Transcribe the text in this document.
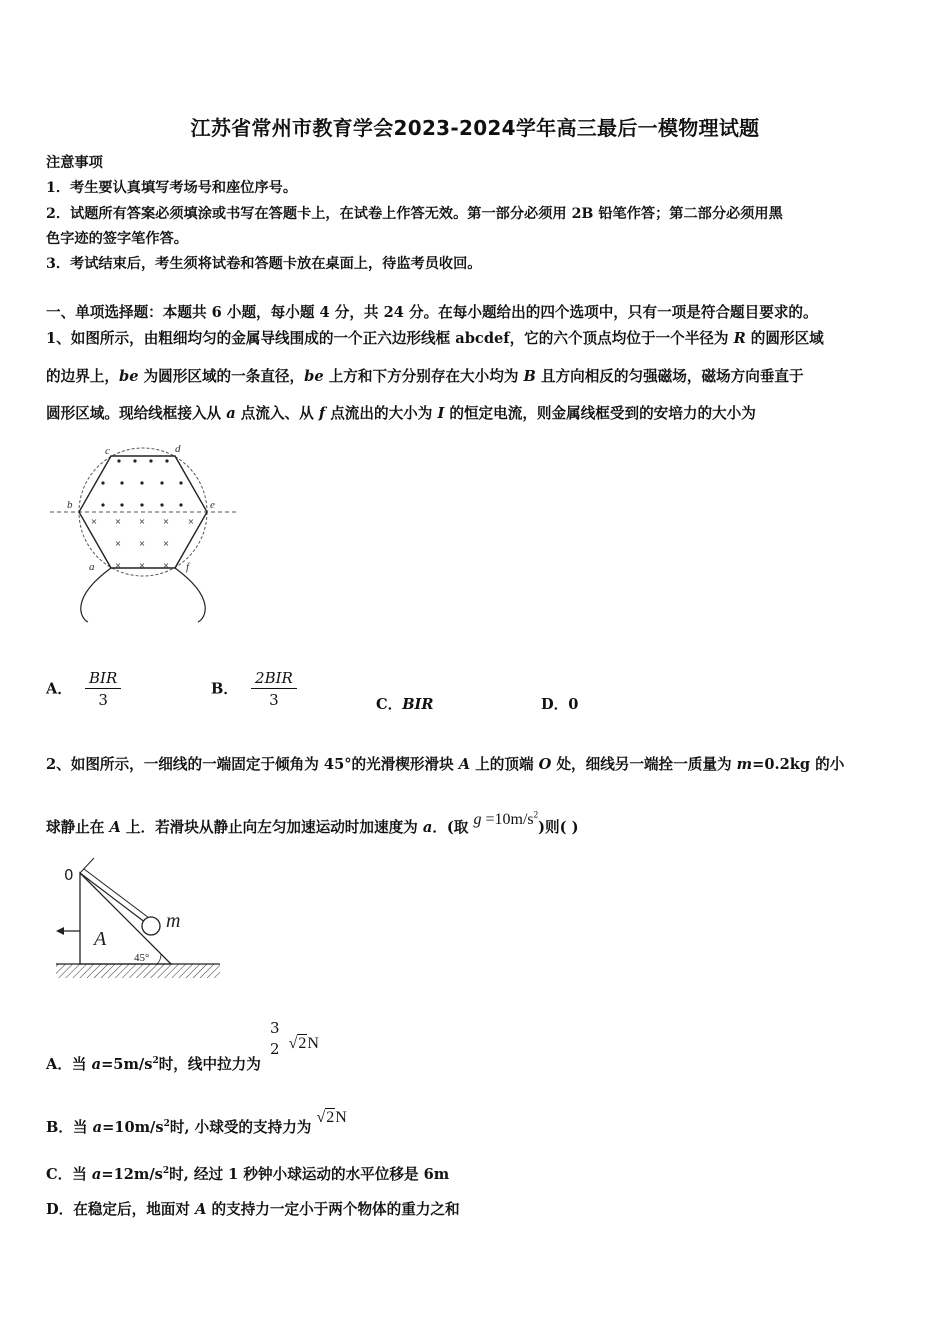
江苏省常州市教育学会2023-2024学年高三最后一模物理试题
注意事项
1．考生要认真填写考场号和座位序号。
2．试题所有答案必须填涂或书写在答题卡上，在试卷上作答无效。第一部分必须用 2B 铅笔作答；第二部分必须用黑
色字迹的签字笔作答。
3．考试结束后，考生须将试卷和答题卡放在桌面上，待监考员收回。
一、单项选择题：本题共 6 小题，每小题 4 分，共 24 分。在每小题给出的四个选项中，只有一项是符合题目要求的。
1、如图所示，由粗细均匀的金属导线围成的一个正六边形线框 abcdef，它的六个顶点均位于一个半径为 R 的圆形区域
的边界上，be 为圆形区域的一条直径，be 上方和下方分别存在大小均为 B 且方向相反的匀强磁场，磁场方向垂直于
圆形区域。现给线框接入从 a 点流入、从 f 点流出的大小为 I 的恒定电流，则金属线框受到的安培力的大小为
× × × × ×
× × ×
× × ×
c	d
b	e
a	f
A． $\frac{\text{BIR}}{3}$	B． $\frac{\text{2BIR}}{3}$	C．BIR	D．0
2、如图所示，一细线的一端固定于倾角为 45°的光滑楔形滑块 A 上的顶端 O 处，细线另一端拴一质量为 m=0.2kg 的小
球静止在 A 上．若滑块从静止向左匀加速运动时加速度为 a．(取 $g =10m/s^2$)则( )
0
m
A
45°
A．当 $a=5m/s^2$时，线中拉力为
3
2 √2N
B．当 $a=10m/s^2$时, 小球受的支持力为 √2N
C．当 $a=12m/s^2$时, 经过 1 秒钟小球运动的水平位移是 6m
D．在稳定后，地面对 A 的支持力一定小于两个物体的重力之和
